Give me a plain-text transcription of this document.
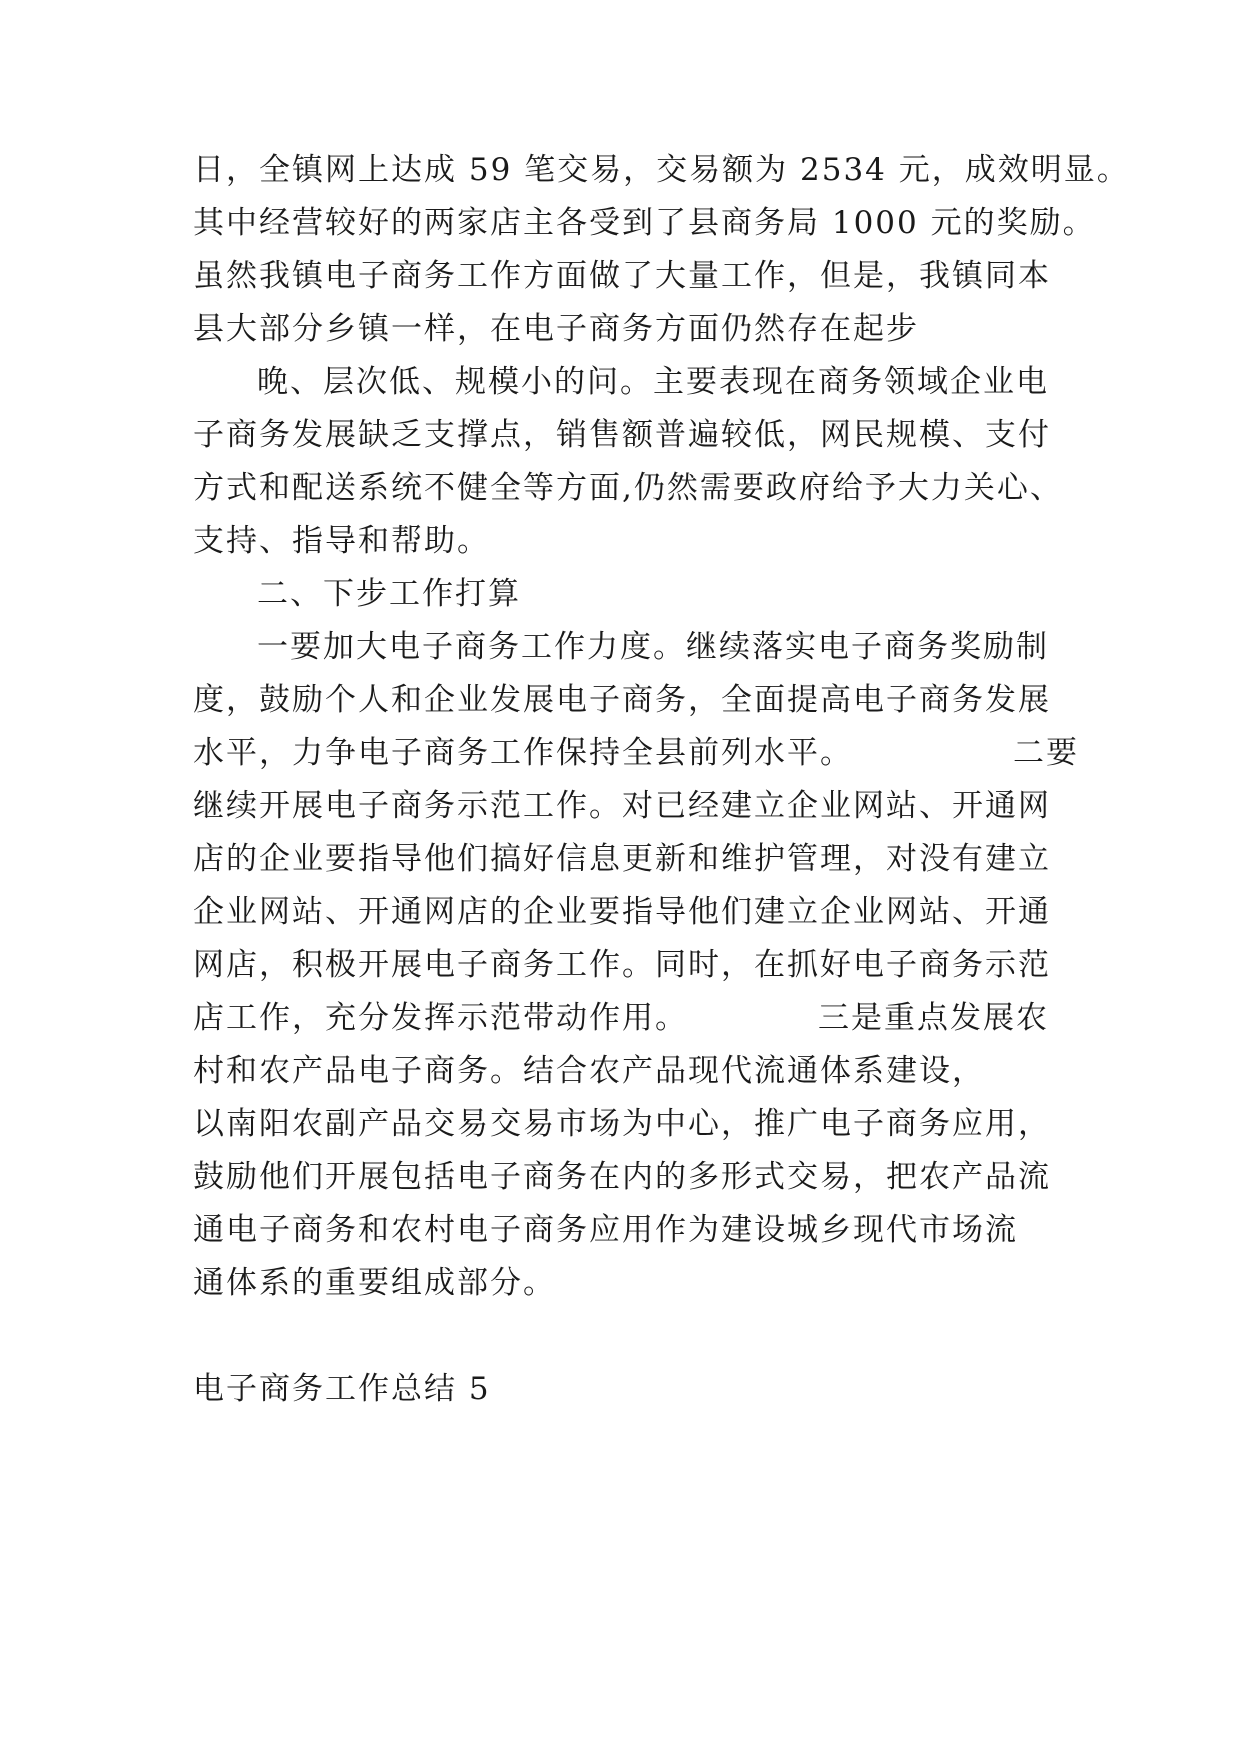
日，全镇网上达成 59 笔交易，交易额为 2534 元，成效明显。

其中经营较好的两家店主各受到了县商务局 1000 元的奖励。

虽然我镇电子商务工作方面做了大量工作，但是，我镇同本

县大部分乡镇一样，在电子商务方面仍然存在起步

晚、层次低、规模小的问。主要表现在商务领域企业电

子商务发展缺乏支撑点，销售额普遍较低，网民规模、支付

方式和配送系统不健全等方面,仍然需要政府给予大力关心、

支持、指导和帮助。

二、下步工作打算

一要加大电子商务工作力度。继续落实电子商务奖励制

度，鼓励个人和企业发展电子商务，全面提高电子商务发展

水平，力争电子商务工作保持全县前列水平。	二要

继续开展电子商务示范工作。对已经建立企业网站、开通网

店的企业要指导他们搞好信息更新和维护管理，对没有建立

企业网站、开通网店的企业要指导他们建立企业网站、开通

网店，积极开展电子商务工作。同时，在抓好电子商务示范

店工作，充分发挥示范带动作用。	三是重点发展农

村和农产品电子商务。结合农产品现代流通体系建设，

以南阳农副产品交易交易市场为中心，推广电子商务应用，

鼓励他们开展包括电子商务在内的多形式交易，把农产品流

通电子商务和农村电子商务应用作为建设城乡现代市场流

通体系的重要组成部分。

电子商务工作总结 5
